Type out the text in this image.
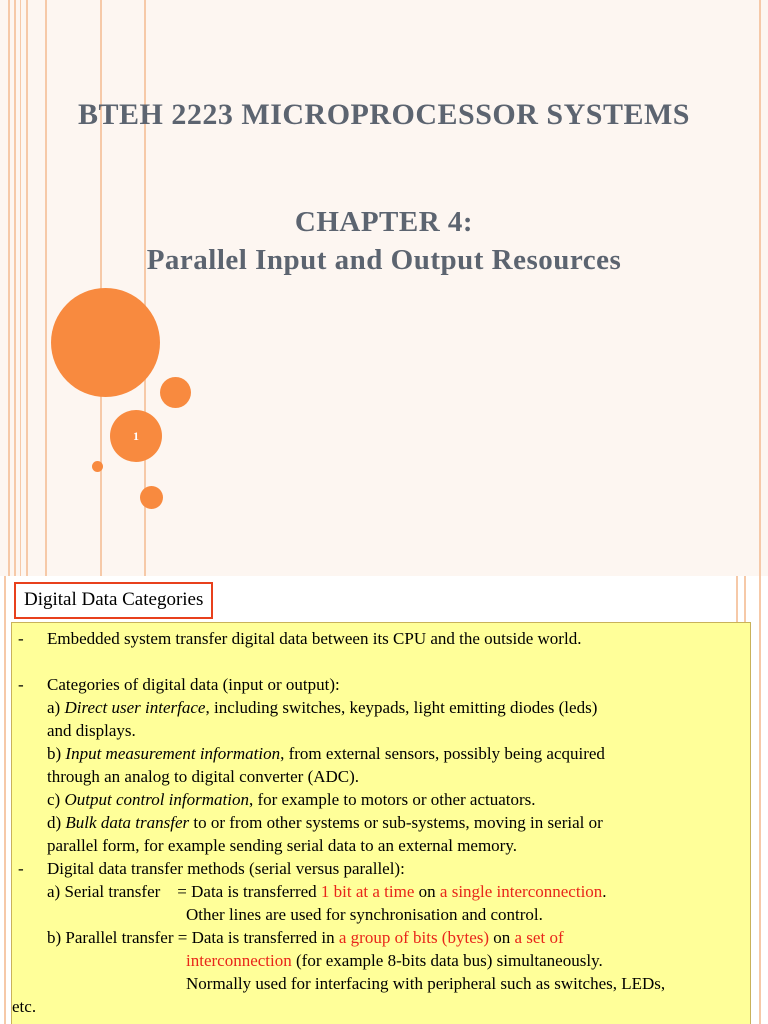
BTEH 2223 MICROPROCESSOR SYSTEMS
CHAPTER 4:
Parallel Input and Output Resources
1
Digital Data Categories
- Embedded system transfer digital data between its CPU and the outside world.
- Categories of digital data (input or output):
a) Direct user interface, including switches, keypads, light emitting diodes (leds)
and displays.
b) Input measurement information, from external sensors, possibly being acquired
through an analog to digital converter (ADC).
c) Output control information, for example to motors or other actuators.
d) Bulk data transfer to or from other systems or sub-systems, moving in serial or
parallel form, for example sending serial data to an external memory.
- Digital data transfer methods (serial versus parallel):
a) Serial transfer = Data is transferred 1 bit at a time on a single interconnection.

Other lines are used for synchronisation and control.
b) Parallel transfer = Data is transferred in a group of bits (bytes) on a set of
interconnection (for example 8-bits data bus) simultaneously.
Normally used for interfacing with peripheral such as switches, LEDs,
etc.
